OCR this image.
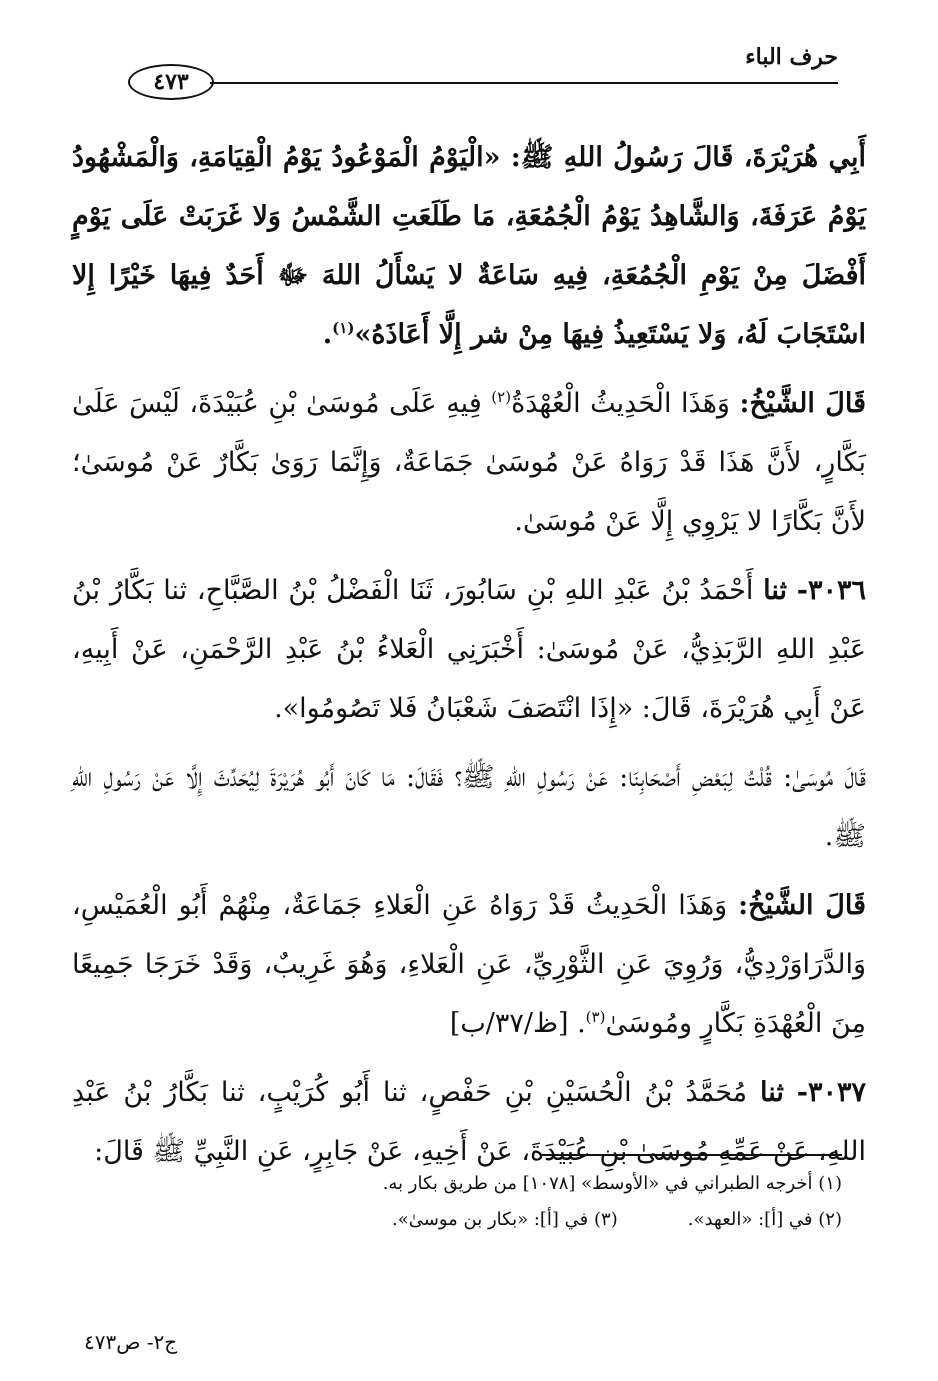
حرف الباء
٤٧٣

أَبِي هُرَيْرَةَ، قَالَ رَسُولُ اللهِ ﷺ: «الْيَوْمُ الْمَوْعُودُ يَوْمُ الْقِيَامَةِ، وَالْمَشْهُودُ يَوْمُ عَرَفَةَ، وَالشَّاهِدُ يَوْمُ الْجُمُعَةِ، مَا طَلَعَتِ الشَّمْسُ وَلا غَرَبَتْ عَلَى يَوْمٍ أَفْضَلَ مِنْ يَوْمِ الْجُمُعَةِ، فِيهِ سَاعَةٌ لا يَسْأَلُ اللهَ ﷻ أَحَدٌ فِيهَا خَيْرًا إِلا اسْتَجَابَ لَهُ، وَلا يَسْتَعِيذُ فِيهَا مِنْ شر إِلَّا أَعَاذَهُ»$^{(١)}$.

قَالَ الشَّيْخُ: وَهَذَا الْحَدِيثُ الْعُهْدَةُ$^{(٢)}$ فِيهِ عَلَى مُوسَىٰ بْنِ عُبَيْدَةَ، لَيْسَ عَلَىٰ بَكَّارٍ، لأَنَّ هَذَا قَدْ رَوَاهُ عَنْ مُوسَىٰ جَمَاعَةٌ، وَإِنَّمَا رَوَىٰ بَكَّارٌ عَنْ مُوسَىٰ؛ لأَنَّ بَكَّارًا لا يَرْوِي إِلَّا عَنْ مُوسَىٰ.

٣٠٣٦- ثنا أَحْمَدُ بْنُ عَبْدِ اللهِ بْنِ سَابُورَ، ثَنَا الْفَضْلُ بْنُ الصَّبَّاحِ، ثنا بَكَّارُ بْنُ عَبْدِ اللهِ الرَّبَذِيُّ، عَنْ مُوسَىٰ: أَخْبَرَنِي الْعَلاءُ بْنُ عَبْدِ الرَّحْمَنِ، عَنْ أَبِيهِ، عَنْ أَبِي هُرَيْرَةَ، قَالَ: «إِذَا انْتَصَفَ شَعْبَانُ فَلا تَصُومُوا».

قَالَ مُوسَىٰ: قُلْتُ لِبَعْضِ أَصْحَابِنَا: عَنْ رَسُولِ اللهِ ﷺ؟ فَقَالَ: مَا كَانَ أَبُو هُرَيْرَةَ لِيُحَدِّثَ إِلَّا عَنْ رَسُولِ اللهِ ﷺ.

قَالَ الشَّيْخُ: وَهَذَا الْحَدِيثُ قَدْ رَوَاهُ عَنِ الْعَلاءِ جَمَاعَةٌ، مِنْهُمْ أَبُو الْعُمَيْسِ، وَالدَّرَاوَرْدِيُّ، وَرُوِيَ عَنِ الثَّوْرِيِّ، عَنِ الْعَلاءِ، وَهُوَ غَرِيبٌ، وَقَدْ خَرَجَا جَمِيعًا مِنَ الْعُهْدَةِ بَكَّارٍ ومُوسَىٰ$^{(٣)}$. [ظ/٣٧/ب]

٣٠٣٧- ثنا مُحَمَّدُ بْنُ الْحُسَيْنِ بْنِ حَفْصٍ، ثنا أَبُو كُرَيْبٍ، ثنا بَكَّارُ بْنُ عَبْدِ اللهِ، عَنْ عَمِّهِ مُوسَىٰ بْنِ عُبَيْدَةَ، عَنْ أَخِيهِ، عَنْ جَابِرٍ، عَنِ النَّبِيِّ ﷺ قَالَ:

(١) أخرجه الطبراني في «الأوسط» [١٠٧٨] من طريق بكار به.
(٢) في [أ]: «العهد».(٣) في [أ]: «بكار بن موسىٰ».
ج٢- ص٤٧٣
